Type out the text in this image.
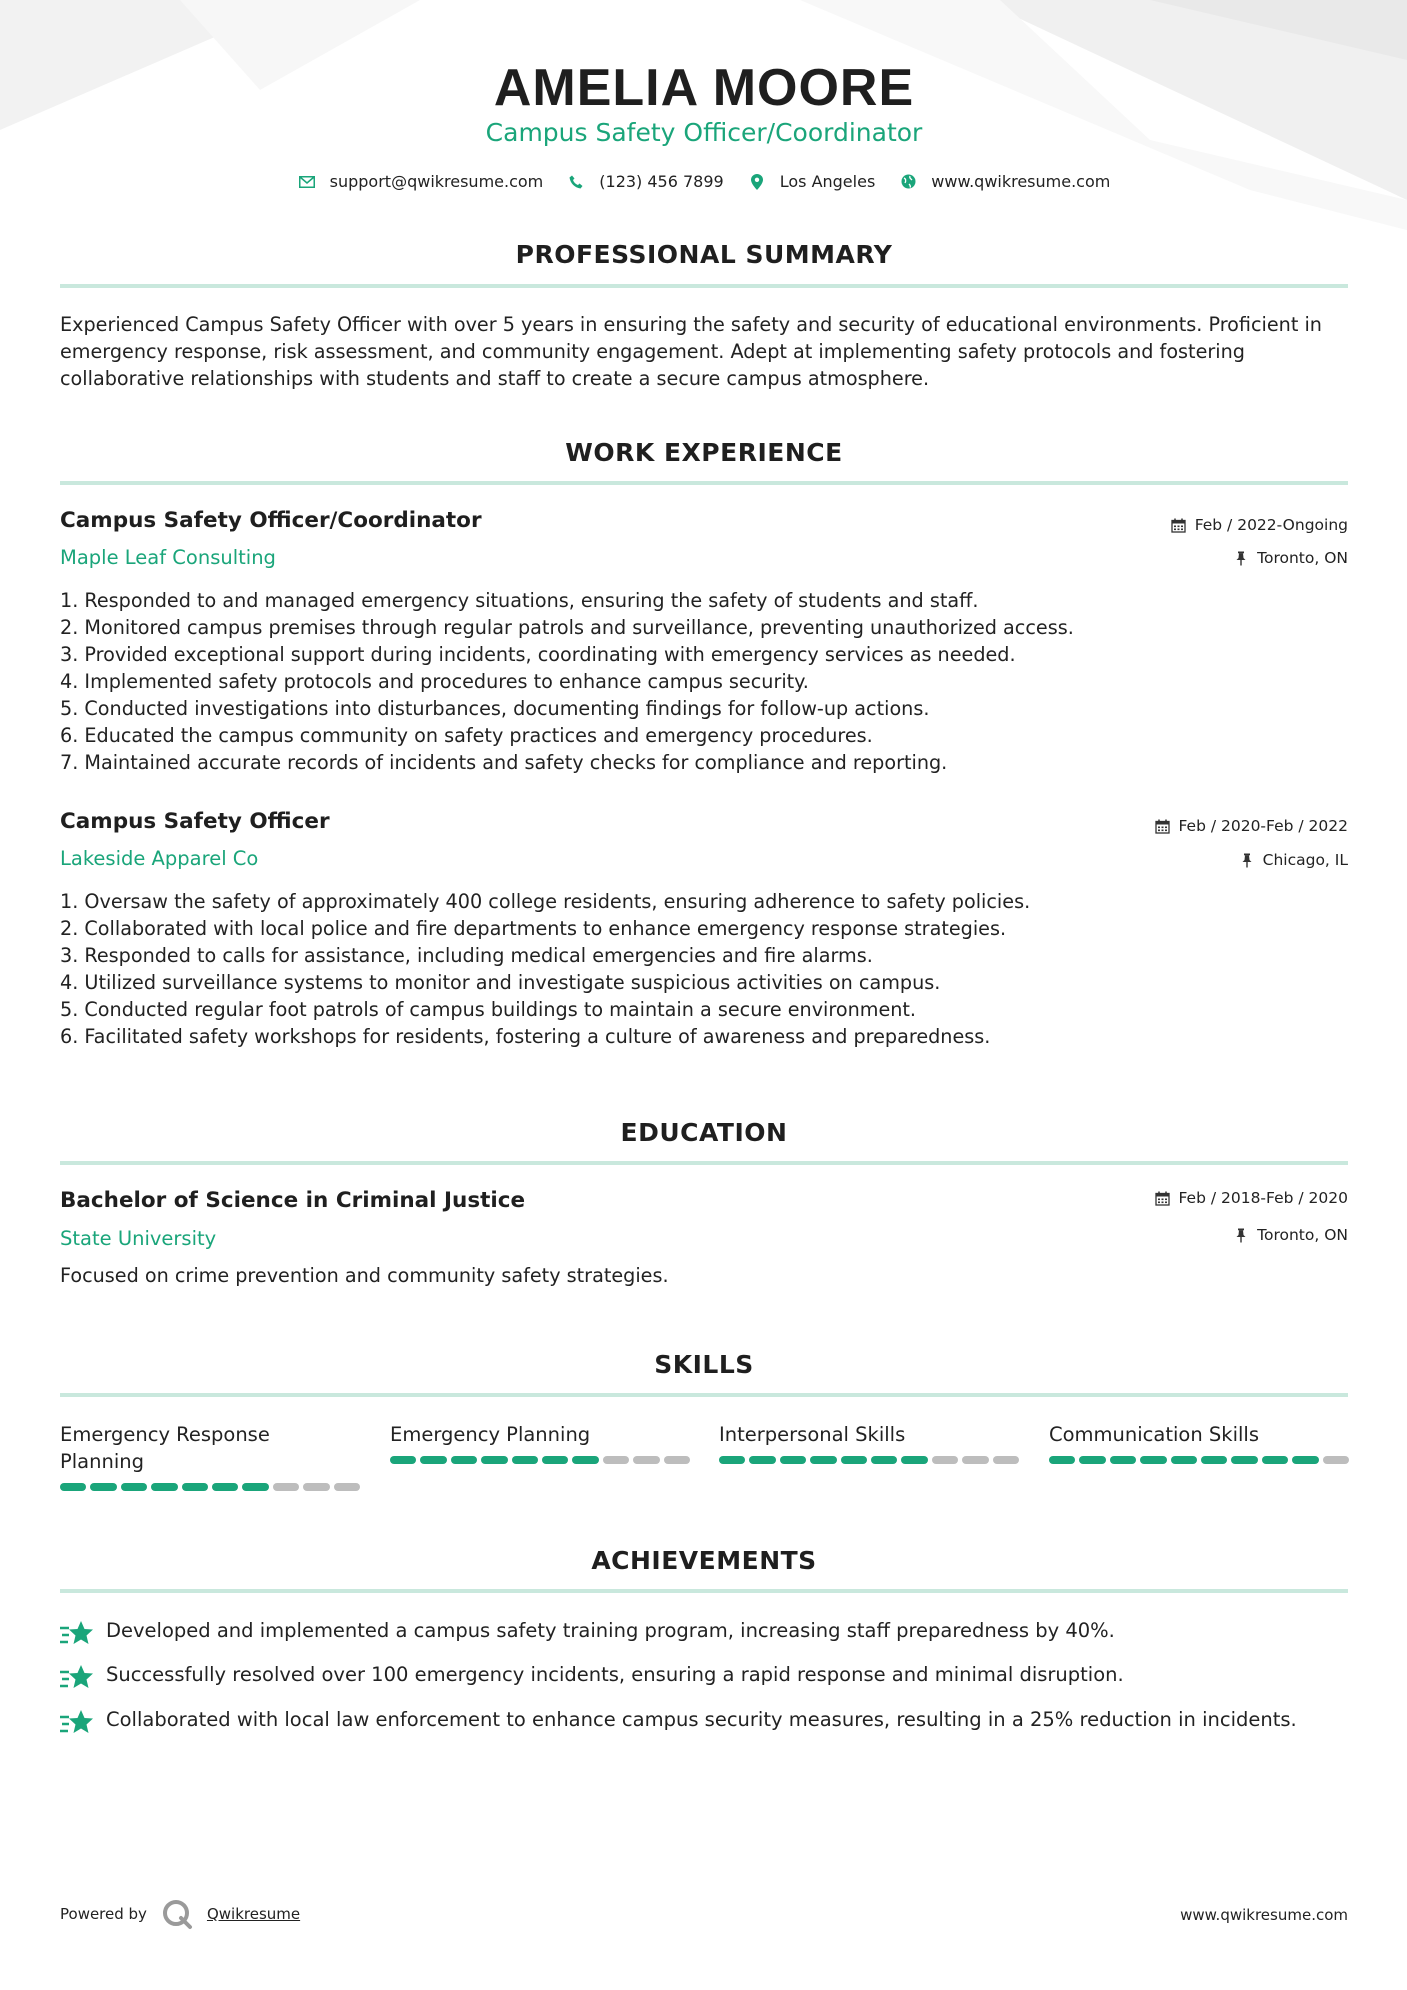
AMELIA MOORE
Campus Safety Officer/Coordinator
support@qwikresume.com	(123) 456 7899	Los Angeles	www.qwikresume.com
PROFESSIONAL SUMMARY
Experienced Campus Safety Officer with over 5 years in ensuring the safety and security of educational environments. Proficient in emergency response, risk assessment, and community engagement. Adept at implementing safety protocols and fostering collaborative relationships with students and staff to create a secure campus atmosphere.
WORK EXPERIENCE
Campus Safety Officer/Coordinator
Maple Leaf Consulting
Feb / 2022-Ongoing
Toronto, ON
1. Responded to and managed emergency situations, ensuring the safety of students and staff.
2. Monitored campus premises through regular patrols and surveillance, preventing unauthorized access.
3. Provided exceptional support during incidents, coordinating with emergency services as needed.
4. Implemented safety protocols and procedures to enhance campus security.
5. Conducted investigations into disturbances, documenting findings for follow-up actions.
6. Educated the campus community on safety practices and emergency procedures.
7. Maintained accurate records of incidents and safety checks for compliance and reporting.
Campus Safety Officer
Lakeside Apparel Co
Feb / 2020-Feb / 2022
Chicago, IL
1. Oversaw the safety of approximately 400 college residents, ensuring adherence to safety policies.
2. Collaborated with local police and fire departments to enhance emergency response strategies.
3. Responded to calls for assistance, including medical emergencies and fire alarms.
4. Utilized surveillance systems to monitor and investigate suspicious activities on campus.
5. Conducted regular foot patrols of campus buildings to maintain a secure environment.
6. Facilitated safety workshops for residents, fostering a culture of awareness and preparedness.
EDUCATION
Bachelor of Science in Criminal Justice
State University
Feb / 2018-Feb / 2020
Toronto, ON
Focused on crime prevention and community safety strategies.
SKILLS
Emergency Response Planning
Emergency Planning	Interpersonal Skills	Communication Skills
ACHIEVEMENTS
Developed and implemented a campus safety training program, increasing staff preparedness by 40%.
Successfully resolved over 100 emergency incidents, ensuring a rapid response and minimal disruption.
Collaborated with local law enforcement to enhance campus security measures, resulting in a 25% reduction in incidents.
Powered by	Qwikresume	www.qwikresume.com
